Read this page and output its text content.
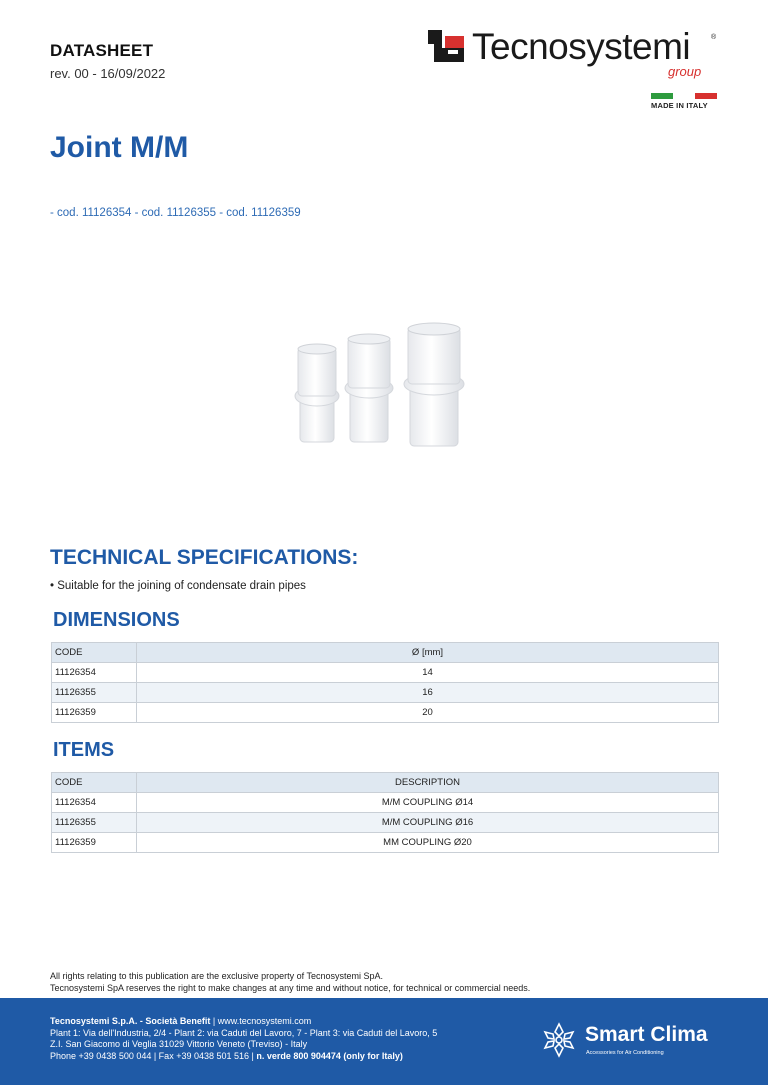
DATASHEET
rev. 00 - 16/09/2022
Tecnosystemi	®
group
MADE IN ITALY
Joint M/M
- cod. 11126354 - cod. 11126355 - cod. 11126359
TECHNICAL SPECIFICATIONS:
• Suitable for the joining of condensate drain pipes
DIMENSIONS
CODE	Ø [mm]
11126354	14
11126355	16
11126359	20
ITEMS
CODE	DESCRIPTION
11126354	M/M COUPLING Ø14
11126355	M/M COUPLING Ø16
11126359	MM COUPLING Ø20
All rights relating to this publication are the exclusive property of Tecnosystemi SpA.
Tecnosystemi SpA reserves the right to make changes at any time and without notice, for technical or commercial needs.
Tecnosystemi S.p.A. - Società Benefit | www.tecnosystemi.com
Plant 1: Via dell'Industria, 2/4 - Plant 2: via Caduti del Lavoro, 7 - Plant 3: via Caduti del Lavoro, 5
Z.I. San Giacomo di Veglia 31029 Vittorio Veneto (Treviso) - Italy
Phone +39 0438 500 044 | Fax +39 0438 501 516 | n. verde 800 904474 (only for Italy)
Smart Clima
Accessories for Air Conditioning
